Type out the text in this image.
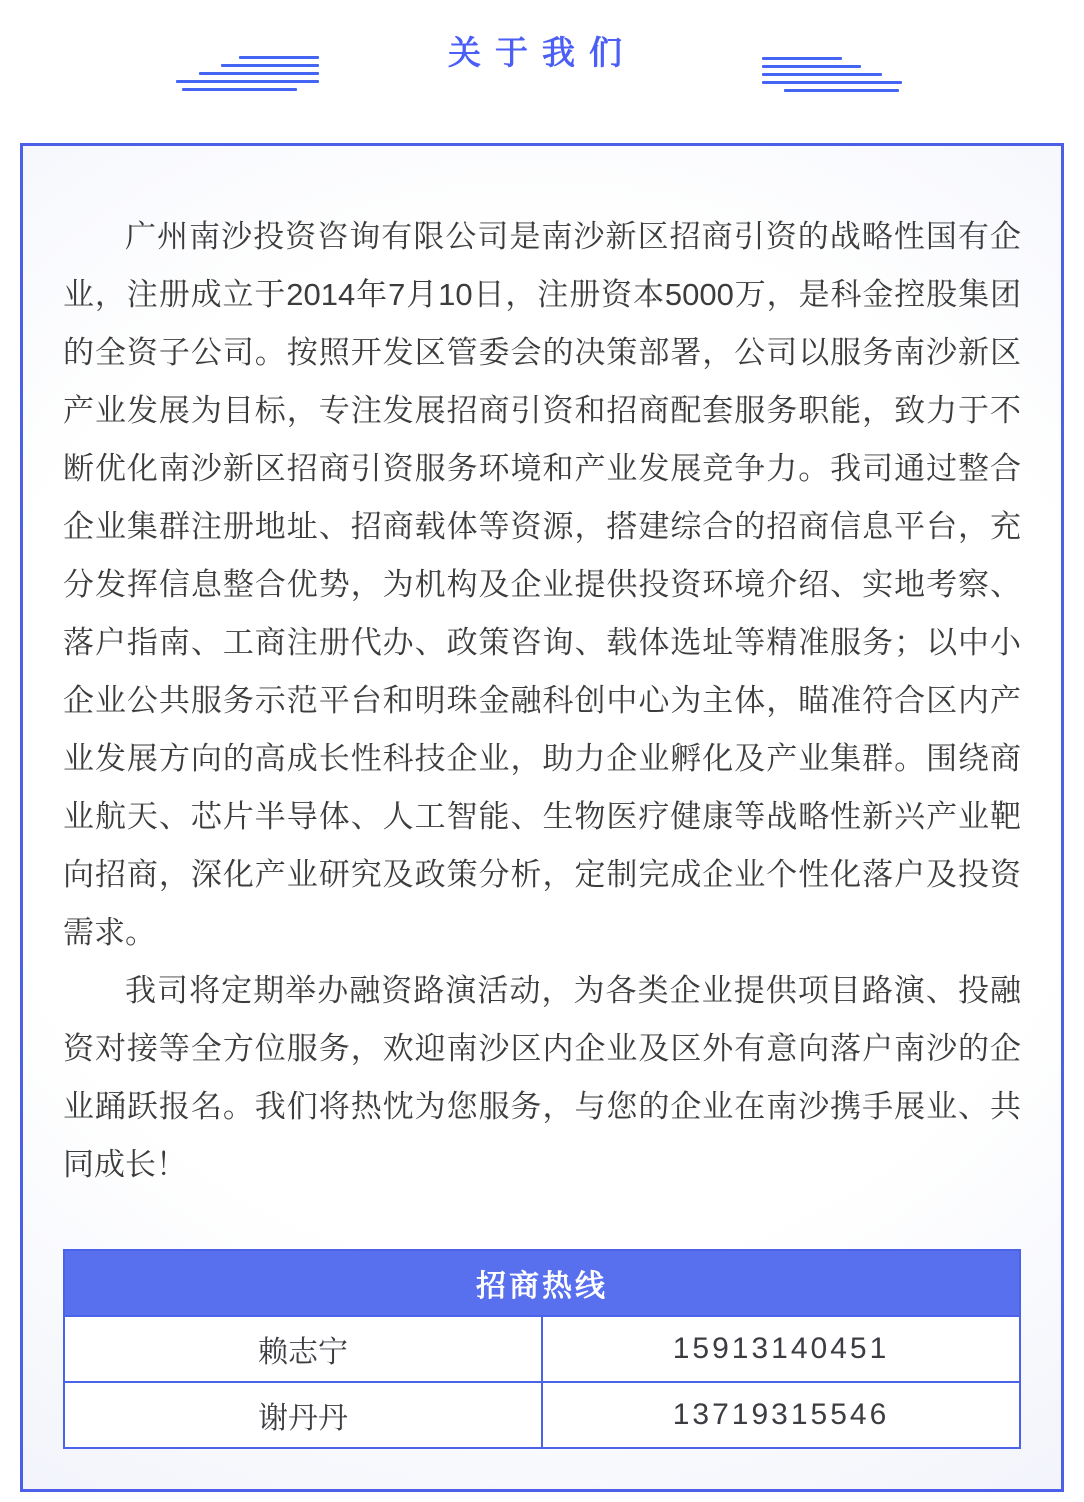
关于我们

广州南沙投资咨询有限公司是南沙新区招商引资的战略性国有企业，注册成立于2014年7月10日，注册资本5000万，是科金控股集团的全资子公司。按照开发区管委会的决策部署，公司以服务南沙新区产业发展为目标，专注发展招商引资和招商配套服务职能，致力于不断优化南沙新区招商引资服务环境和产业发展竞争力。我司通过整合企业集群注册地址、招商载体等资源，搭建综合的招商信息平台，充分发挥信息整合优势，为机构及企业提供投资环境介绍、实地考察、落户指南、工商注册代办、政策咨询、载体选址等精准服务；以中小企业公共服务示范平台和明珠金融科创中心为主体，瞄准符合区内产业发展方向的高成长性科技企业，助力企业孵化及产业集群。围绕商业航天、芯片半导体、人工智能、生物医疗健康等战略性新兴产业靶向招商，深化产业研究及政策分析，定制完成企业个性化落户及投资需求。

我司将定期举办融资路演活动，为各类企业提供项目路演、投融资对接等全方位服务，欢迎南沙区内企业及区外有意向落户南沙的企业踊跃报名。我们将热忱为您服务，与您的企业在南沙携手展业、共同成长！

招商热线	
赖志宁	15913140451
谢丹丹	13719315546
